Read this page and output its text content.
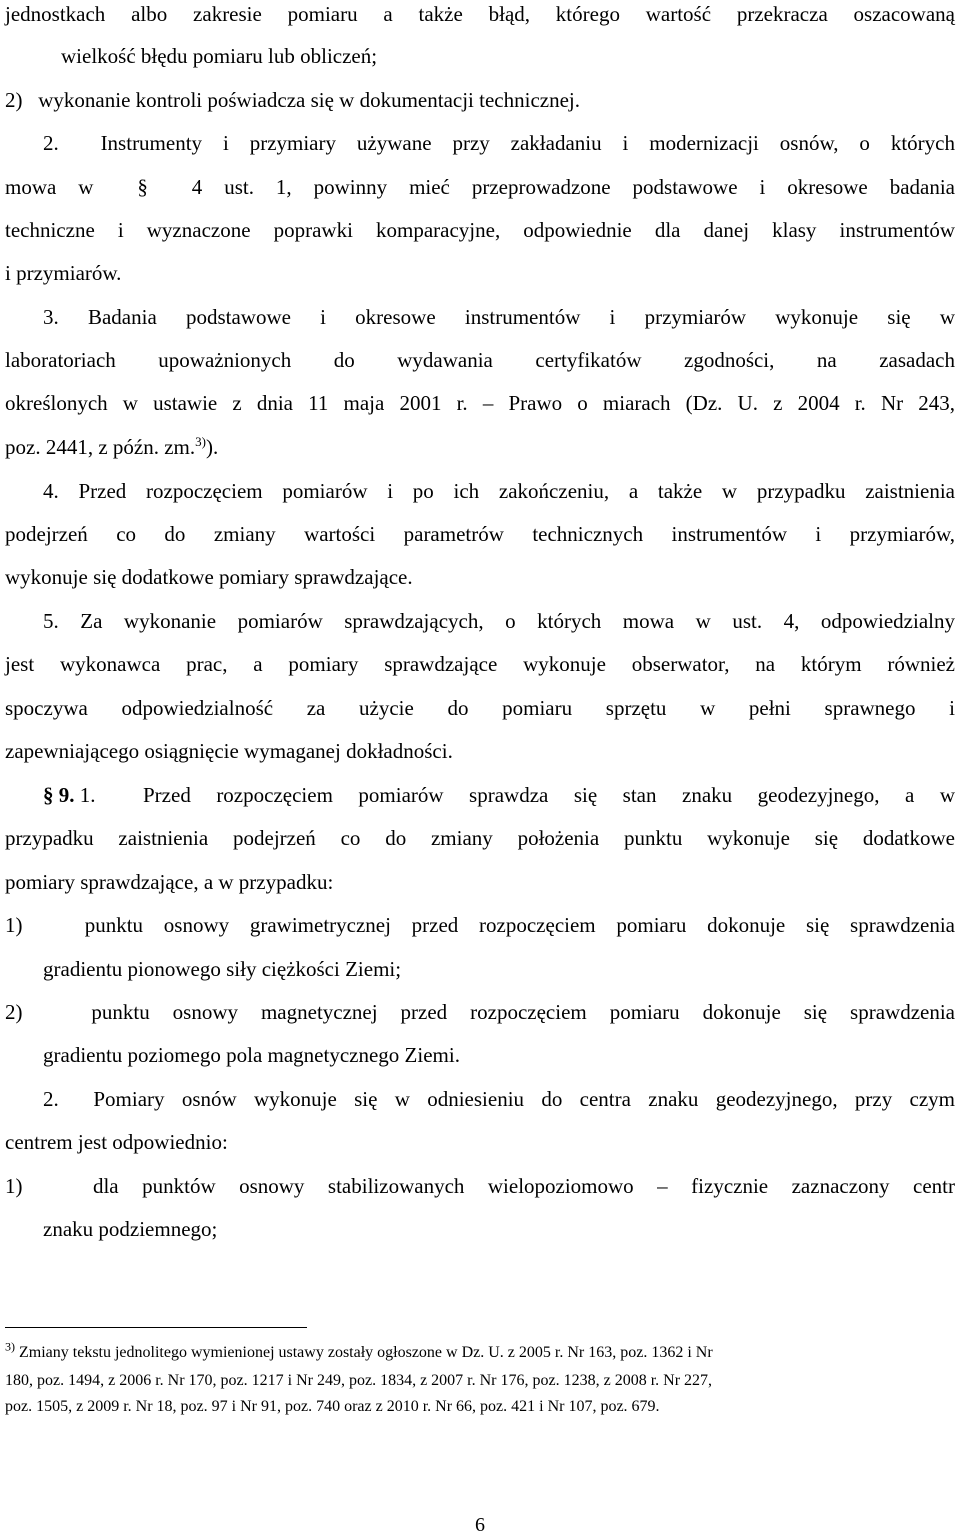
jednostkach albo zakresie pomiaru a także błąd, którego wartość przekracza oszacowaną
wielkość błędu pomiaru lub obliczeń;
2)   wykonanie kontroli poświadcza się w dokumentacji technicznej.
2.  Instrumenty i przymiary używane przy zakładaniu i modernizacji osnów, o których
mowa w  §  4 ust. 1, powinny mieć przeprowadzone podstawowe i okresowe badania
techniczne i wyznaczone poprawki komparacyjne, odpowiednie dla danej klasy instrumentów
i przymiarów.
3. Badania podstawowe i okresowe instrumentów i przymiarów wykonuje się w
laboratoriach upoważnionych do wydawania certyfikatów zgodności, na zasadach
określonych w ustawie z dnia 11 maja 2001 r. – Prawo o miarach (Dz. U. z 2004 r. Nr 243,
poz. 2441, z późn. zm.$^{3)}$).
4. Przed rozpoczęciem pomiarów i po ich zakończeniu, a także w przypadku zaistnienia
podejrzeń co do zmiany wartości parametrów technicznych instrumentów i przymiarów,
wykonuje się dodatkowe pomiary sprawdzające.
5. Za wykonanie pomiarów sprawdzających, o których mowa w ust. 4, odpowiedzialny
jest wykonawca prac, a pomiary sprawdzające wykonuje obserwator, na którym również
spoczywa odpowiedzialność za użycie do pomiaru sprzętu w pełni sprawnego i
zapewniającego osiągnięcie wymaganej dokładności.
§ 9. 1.	Przed rozpoczęciem pomiarów sprawdza się stan znaku geodezyjnego, a w
przypadku zaistnienia podejrzeń co do zmiany położenia punktu wykonuje się dodatkowe
pomiary sprawdzające, a w przypadku:
1)   punktu osnowy grawimetrycznej przed rozpoczęciem pomiaru dokonuje się sprawdzenia
gradientu pionowego siły ciężkości Ziemi;
2)   punktu osnowy magnetycznej przed rozpoczęciem pomiaru dokonuje się sprawdzenia
gradientu poziomego pola magnetycznego Ziemi.
2.  Pomiary osnów wykonuje się w odniesieniu do centra znaku geodezyjnego, przy czym
centrem jest odpowiednio:
1)   dla punktów osnowy stabilizowanych wielopoziomowo – fizycznie zaznaczony centr
znaku podziemnego;
$^{3)}$ Zmiany tekstu jednolitego wymienionej ustawy zostały ogłoszone w Dz. U. z 2005 r. Nr 163, poz. 1362 i Nr
180, poz. 1494, z 2006 r. Nr 170, poz. 1217 i Nr 249, poz. 1834, z 2007 r. Nr 176, poz. 1238, z 2008 r. Nr 227,
poz. 1505, z 2009 r. Nr 18, poz. 97 i Nr 91, poz. 740 oraz z 2010 r. Nr 66, poz. 421 i Nr 107, poz. 679.
6
